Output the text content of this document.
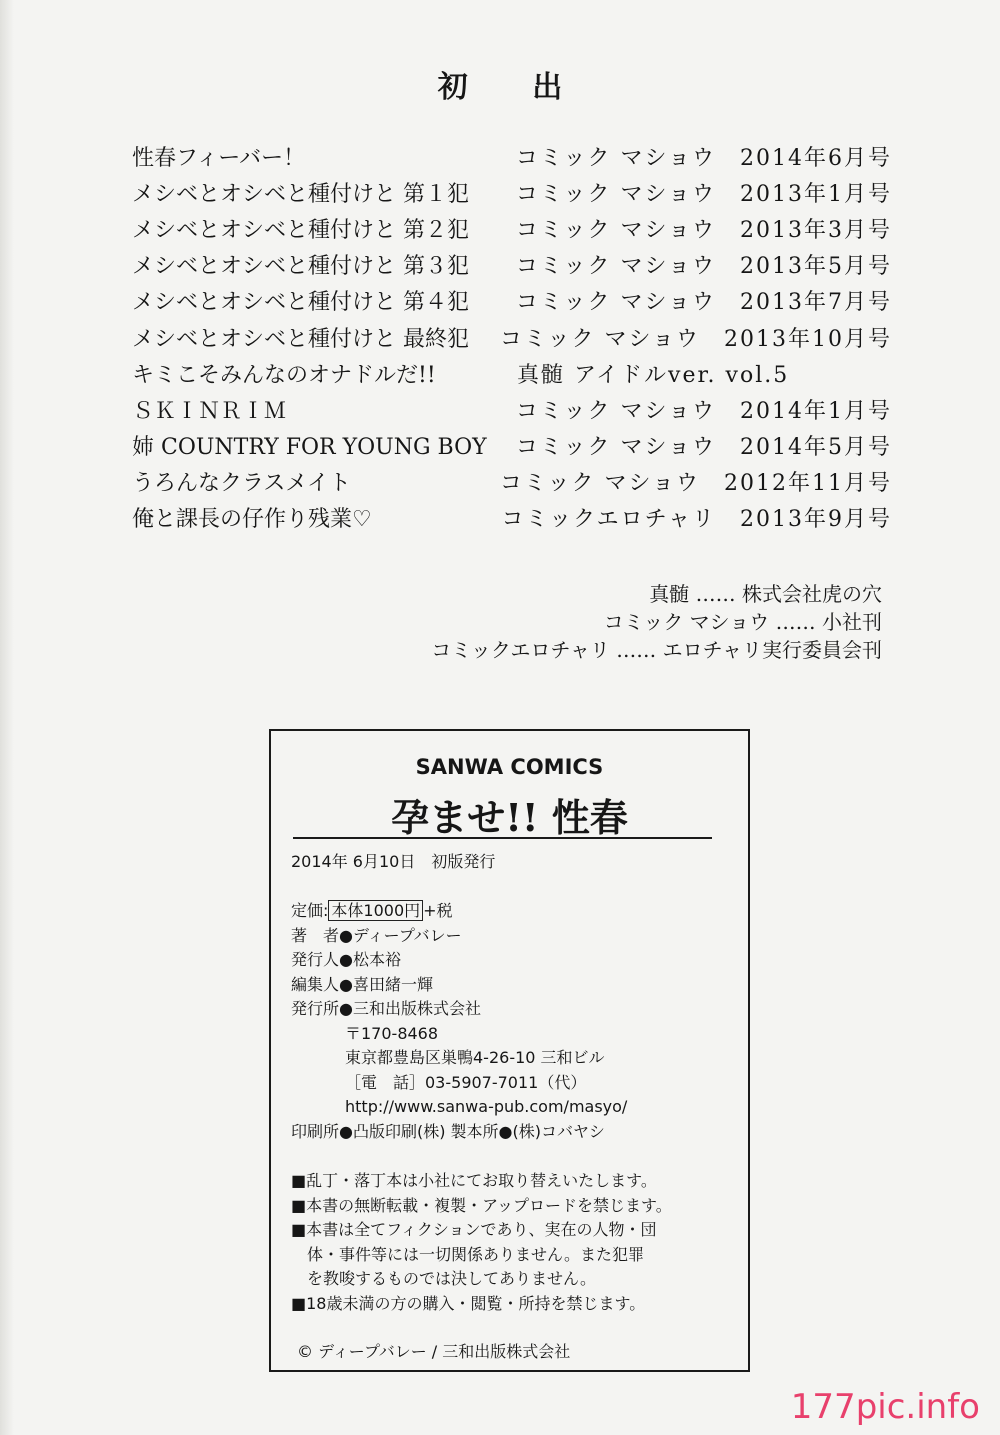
初 出
性春フィーバー！	コミック マショウ　2014年6月号
メシベとオシベと種付けと 第１犯	コミック マショウ　2013年1月号
メシベとオシベと種付けと 第２犯	コミック マショウ　2013年3月号
メシベとオシベと種付けと 第３犯	コミック マショウ　2013年5月号
メシベとオシベと種付けと 第４犯	コミック マショウ　2013年7月号
メシベとオシベと種付けと 最終犯	コミック マショウ　2013年10月号
キミこそみんなのオナドルだ!!	真髄 アイドルver. vol.5
ＳＫＩＮＲＩＭ	コミック マショウ　2014年1月号
姉 COUNTRY FOR YOUNG BOY	コミック マショウ　2014年5月号
うろんなクラスメイト	コミック マショウ　2012年11月号
俺と課長の仔作り残業♡	コミックエロチャリ　2013年9月号
真髄 …… 株式会社虎の穴
コミック マショウ …… 小社刊
コミックエロチャリ …… エロチャリ実行委員会刊
SANWA COMICS
孕ませ!! 性春
2014年 6月10日　初版発行
定価: 本体1000円 +税
著　者●ディープバレー
発行人●松本裕
編集人●喜田緒一輝
発行所●三和出版株式会社
〒170-8468
東京都豊島区巣鴨4-26-10 三和ビル
［電　話］03-5907-7011（代）
http://www.sanwa-pub.com/masyo/
印刷所●凸版印刷(株) 製本所●(株)コバヤシ
■乱丁・落丁本は小社にてお取り替えいたします。
■本書の無断転載・複製・アップロードを禁じます。
■本書は全てフィクションであり、実在の人物・団
体・事件等には一切関係ありません。また犯罪
を教唆するものでは決してありません。
■18歳未満の方の購入・閲覧・所持を禁じます。
© ディープバレー / 三和出版株式会社
177pic.info
